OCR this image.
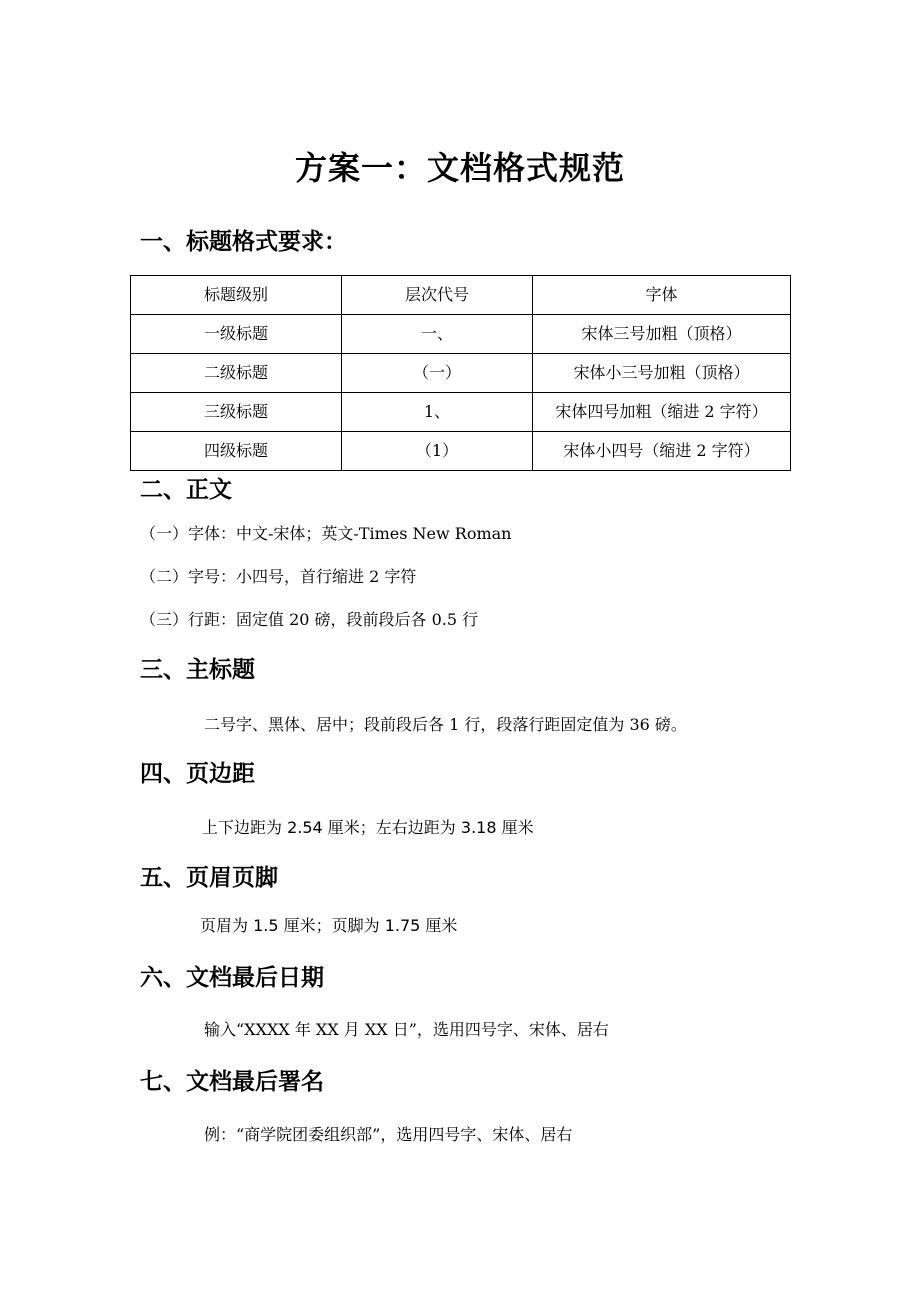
方案一：文档格式规范
一、标题格式要求：
标题级别	层次代号	字体
一级标题	一、	宋体三号加粗（顶格）
二级标题	（一）	宋体小三号加粗（顶格）
三级标题	1、	宋体四号加粗（缩进 2 字符）
四级标题	（1）	宋体小四号（缩进 2 字符）
二、正文
（一）字体：中文-宋体；英文-Times New Roman
（二）字号：小四号，首行缩进 2 字符
（三）行距：固定值 20 磅，段前段后各 0.5 行
三、主标题
二号字、黑体、居中；段前段后各 1 行，段落行距固定值为 36 磅。
四、页边距
上下边距为 2.54 厘米；左右边距为 3.18 厘米
五、页眉页脚
页眉为 1.5 厘米；页脚为 1.75 厘米
六、文档最后日期
输入“XXXX 年 XX 月 XX 日”，选用四号字、宋体、居右
七、文档最后署名
例：“商学院团委组织部”，选用四号字、宋体、居右
